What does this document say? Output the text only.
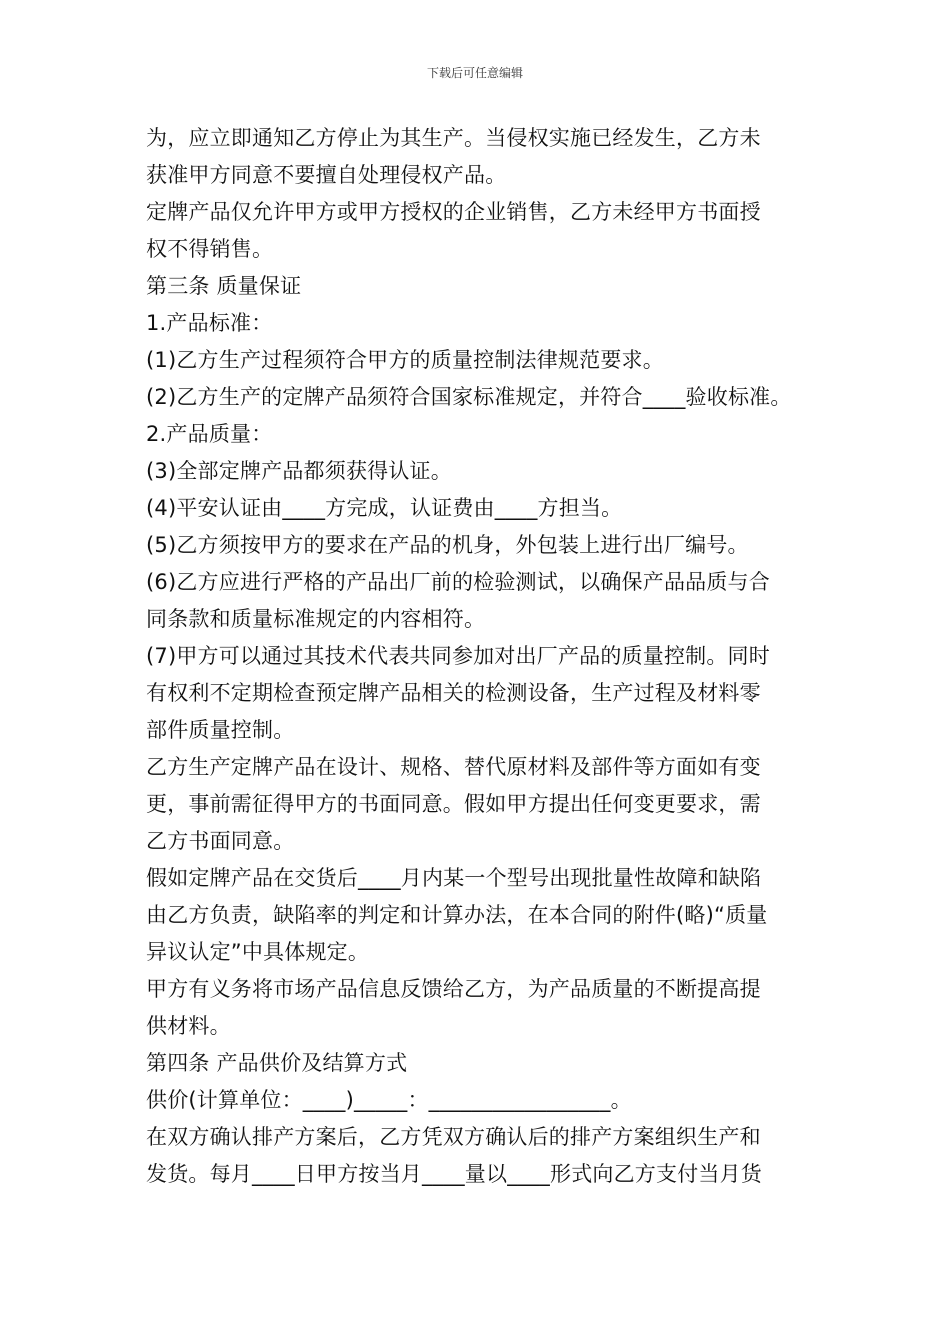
下载后可任意编辑
为，应立即通知乙方停止为其生产。当侵权实施已经发生，乙方未
获准甲方同意不要擅自处理侵权产品。
定牌产品仅允许甲方或甲方授权的企业销售，乙方未经甲方书面授
权不得销售。
第三条 质量保证
1.产品标准：
(1)乙方生产过程须符合甲方的质量控制法律规范要求。
(2)乙方生产的定牌产品须符合国家标准规定，并符合____验收标准。
2.产品质量：
(3)全部定牌产品都须获得认证。
(4)平安认证由____方完成，认证费由____方担当。
(5)乙方须按甲方的要求在产品的机身，外包装上进行出厂编号。
(6)乙方应进行严格的产品出厂前的检验测试，以确保产品品质与合
同条款和质量标准规定的内容相符。
(7)甲方可以通过其技术代表共同参加对出厂产品的质量控制。同时
有权利不定期检查预定牌产品相关的检测设备，生产过程及材料零
部件质量控制。
乙方生产定牌产品在设计、规格、替代原材料及部件等方面如有变
更，事前需征得甲方的书面同意。假如甲方提出任何变更要求，需
乙方书面同意。
假如定牌产品在交货后____月内某一个型号出现批量性故障和缺陷
由乙方负责，缺陷率的判定和计算办法，在本合同的附件(略)“质量
异议认定”中具体规定。
甲方有义务将市场产品信息反馈给乙方，为产品质量的不断提高提
供材料。
第四条 产品供价及结算方式
供价(计算单位：____)_____：_________________。
在双方确认排产方案后，乙方凭双方确认后的排产方案组织生产和
发货。每月____日甲方按当月____量以____形式向乙方支付当月货
